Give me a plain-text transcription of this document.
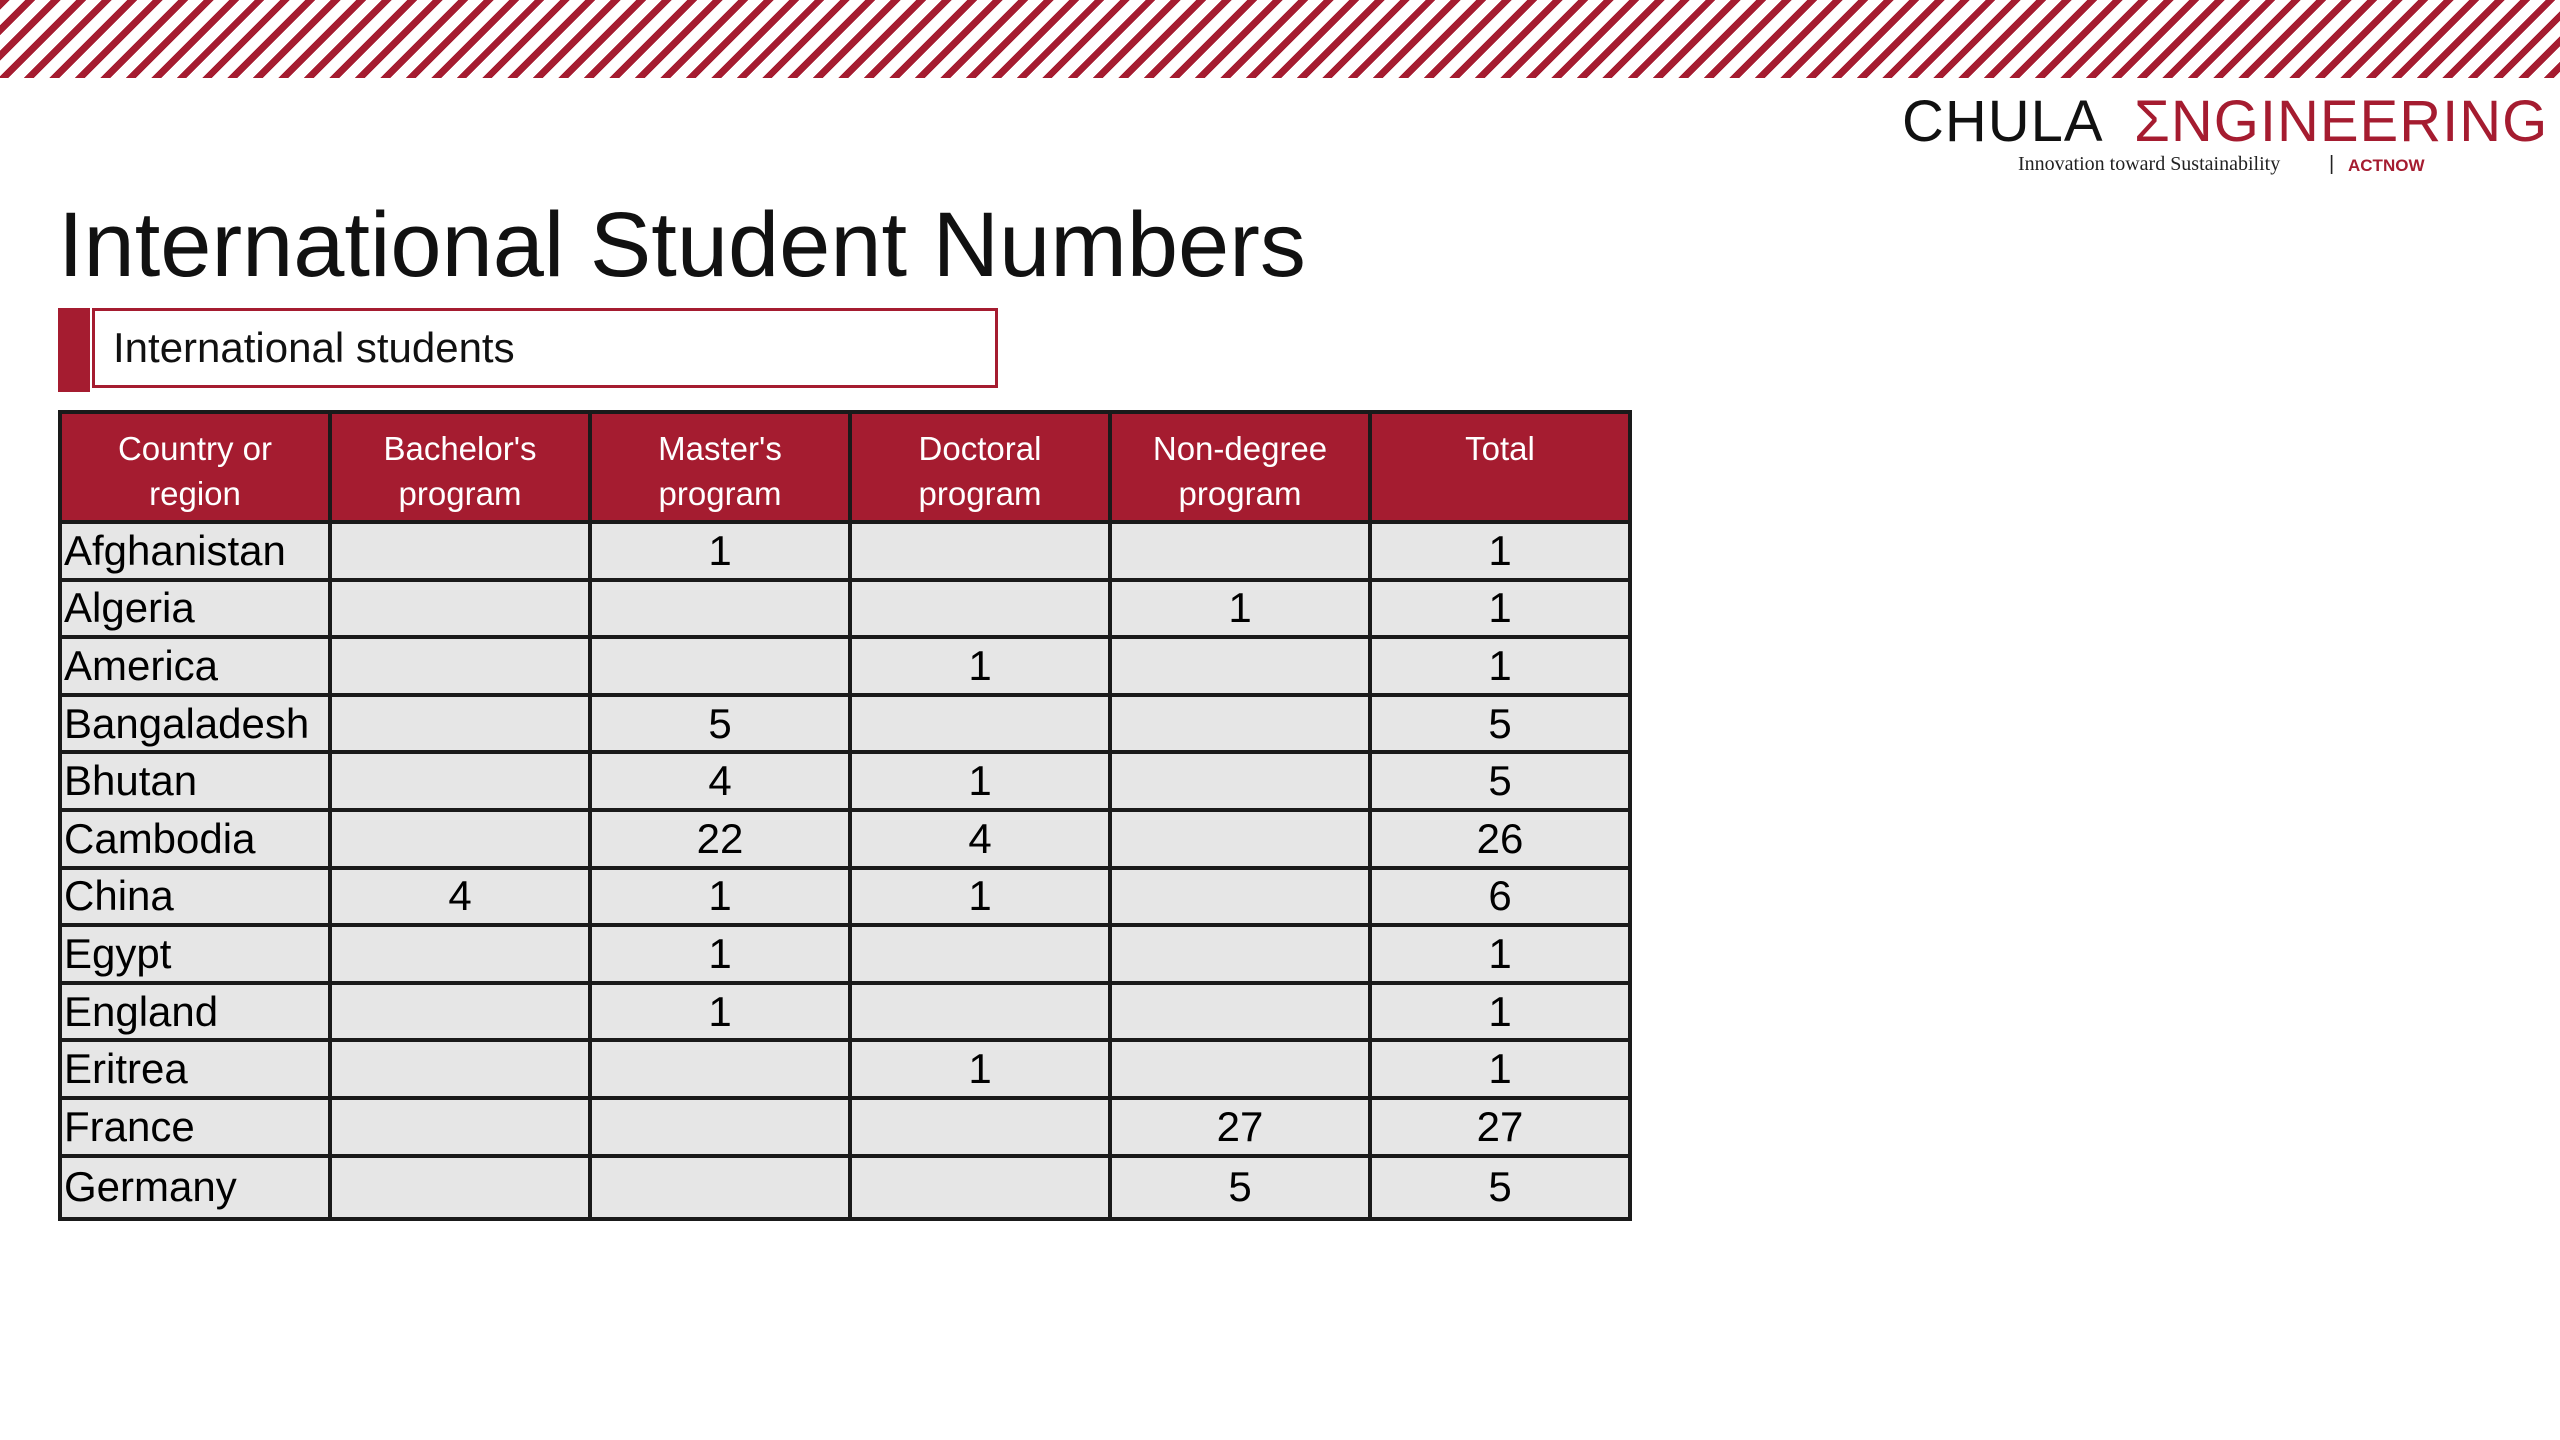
CHULA ΣNGINEERING
Innovation toward Sustainability | ACTNOW
International Student Numbers
International students
Country or region	Bachelor's program	Master's program	Doctoral program	Non-degree program	Total
Afghanistan		1			1
Algeria				1	1
America			1		1
Bangaladesh		5			5
Bhutan		4	1		5
Cambodia		22	4		26
China	4	1	1		6
Egypt		1			1
England		1			1
Eritrea			1		1
France				27	27
Germany				5	5
